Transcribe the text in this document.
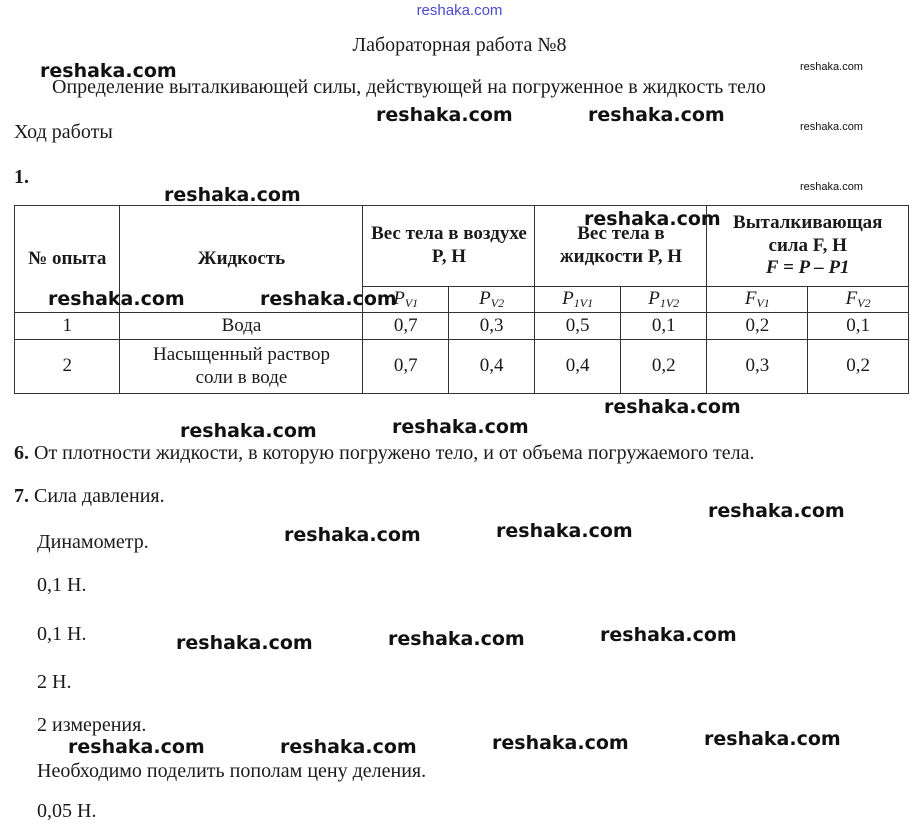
reshaka.com
Лабораторная работа №8
Определение выталкивающей силы, действующей на погруженное в жидкость тело
Ход работы
1.
№ опыта	Жидкость	Вес тела в воздухе P, Н		Вес тела в жидкости P, Н		Выталкивающая
сила F, Н
F = P – P1	

		$P_{V1}$	$P_{V2}$	$P_{1V1}$	$P_{1V2}$	$F_{V1}$	$F_{V2}$
1	Вода	0,7	0,3	0,5	0,1	0,2	0,1
2	Насыщенный раствор соли в воде	0,7	0,4	0,4	0,2	0,3	0,2
6. От плотности жидкости, в которую погружено тело, и от объема погружаемого тела.
7. Сила давления.
Динамометр.
0,1 Н.
0,1 Н.
2 Н.
2 измерения.
Необходимо поделить пополам цену деления.
0,05 Н.
reshaka.com	reshaka.com
reshaka.com	reshaka.com
reshaka.com
reshaka.com
reshaka.com
reshaka.com
reshaka.com	reshaka.com
reshaka.com
reshaka.com	reshaka.com
reshaka.com
reshaka.com	reshaka.com
reshaka.com	reshaka.com	reshaka.com
reshaka.com	reshaka.com	reshaka.com	reshaka.com
